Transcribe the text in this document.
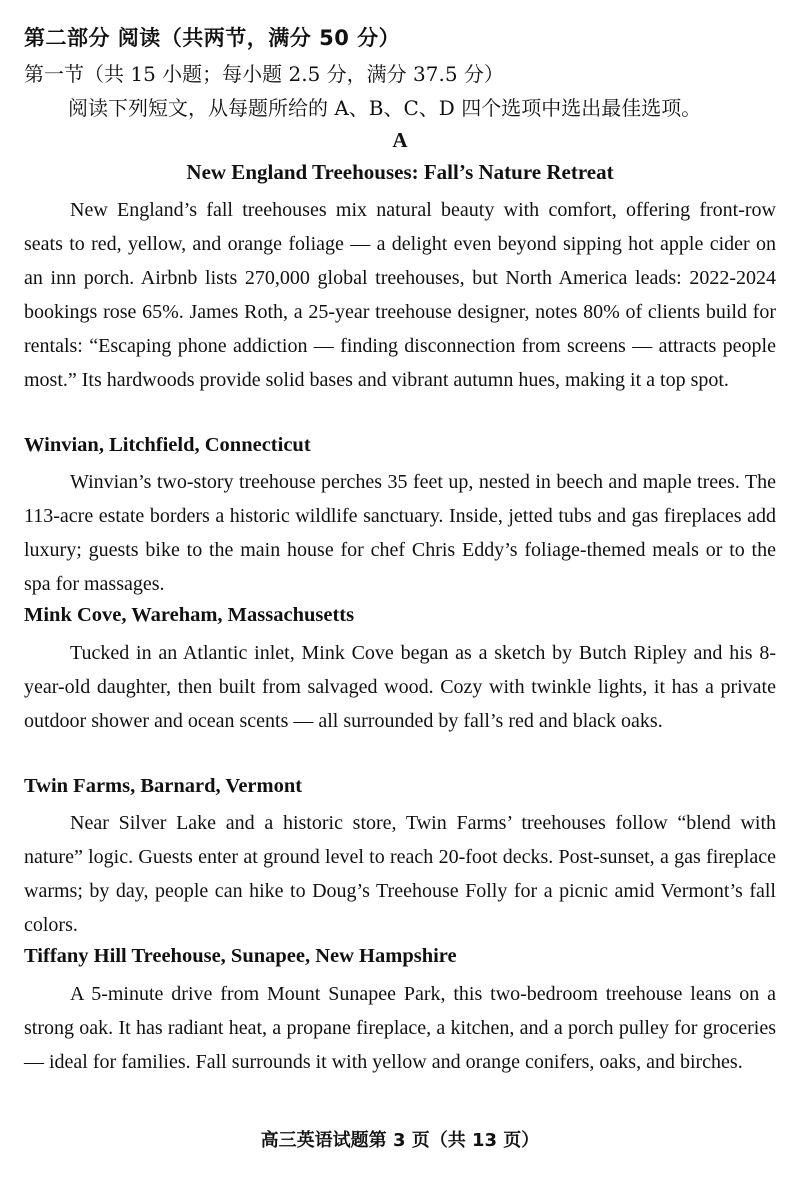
第二部分 阅读（共两节，满分 50 分）
第一节（共 15 小题；每小题 2.5 分，满分 37.5 分）
阅读下列短文，从每题所给的 A、B、C、D 四个选项中选出最佳选项。
A
New England Treehouses: Fall’s Nature Retreat

New England’s fall treehouses mix natural beauty with comfort, offering front-row seats to red, yellow, and orange foliage — a delight even beyond sipping hot apple cider on an inn porch. Airbnb lists 270,000 global treehouses, but North America leads: 2022-2024 bookings rose 65%. James Roth, a 25-year treehouse designer, notes 80% of clients build for rentals: “Escaping phone addiction — finding disconnection from screens — attracts people most.” Its hardwoods provide solid bases and vibrant autumn hues, making it a top spot.

Winvian, Litchfield, Connecticut

Winvian’s two-story treehouse perches 35 feet up, nested in beech and maple trees. The 113-acre estate borders a historic wildlife sanctuary. Inside, jetted tubs and gas fireplaces add luxury; guests bike to the main house for chef Chris Eddy’s foliage-themed meals or to the spa for massages.

Mink Cove, Wareham, Massachusetts

Tucked in an Atlantic inlet, Mink Cove began as a sketch by Butch Ripley and his 8-year-old daughter, then built from salvaged wood. Cozy with twinkle lights, it has a private outdoor shower and ocean scents — all surrounded by fall’s red and black oaks.

Twin Farms, Barnard, Vermont

Near Silver Lake and a historic store, Twin Farms’ treehouses follow “blend with nature” logic. Guests enter at ground level to reach 20-foot decks. Post-sunset, a gas fireplace warms; by day, people can hike to Doug’s Treehouse Folly for a picnic amid Vermont’s fall colors.

Tiffany Hill Treehouse, Sunapee, New Hampshire

A 5-minute drive from Mount Sunapee Park, this two-bedroom treehouse leans on a strong oak. It has radiant heat, a propane fireplace, a kitchen, and a porch pulley for groceries — ideal for families. Fall surrounds it with yellow and orange conifers, oaks, and birches.

高三英语试题第 3 页（共 13 页）
